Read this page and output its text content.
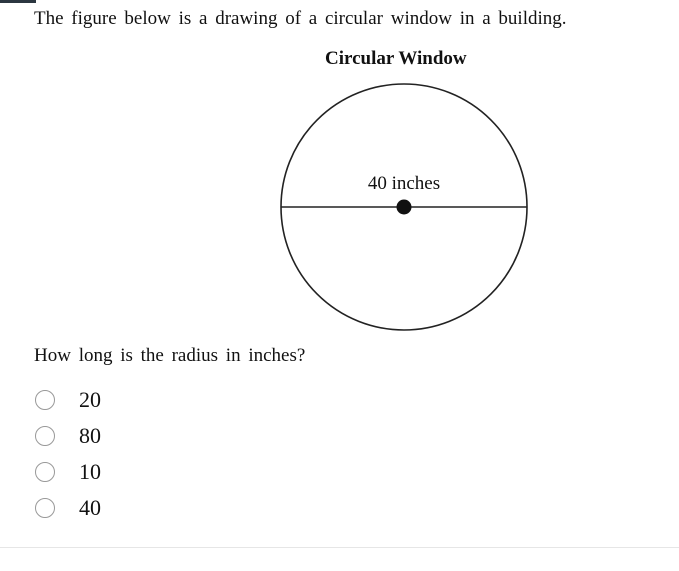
The figure below is a drawing of a circular window in a building.
Circular Window
40 inches
How long is the radius in inches?
20
80
10
40
